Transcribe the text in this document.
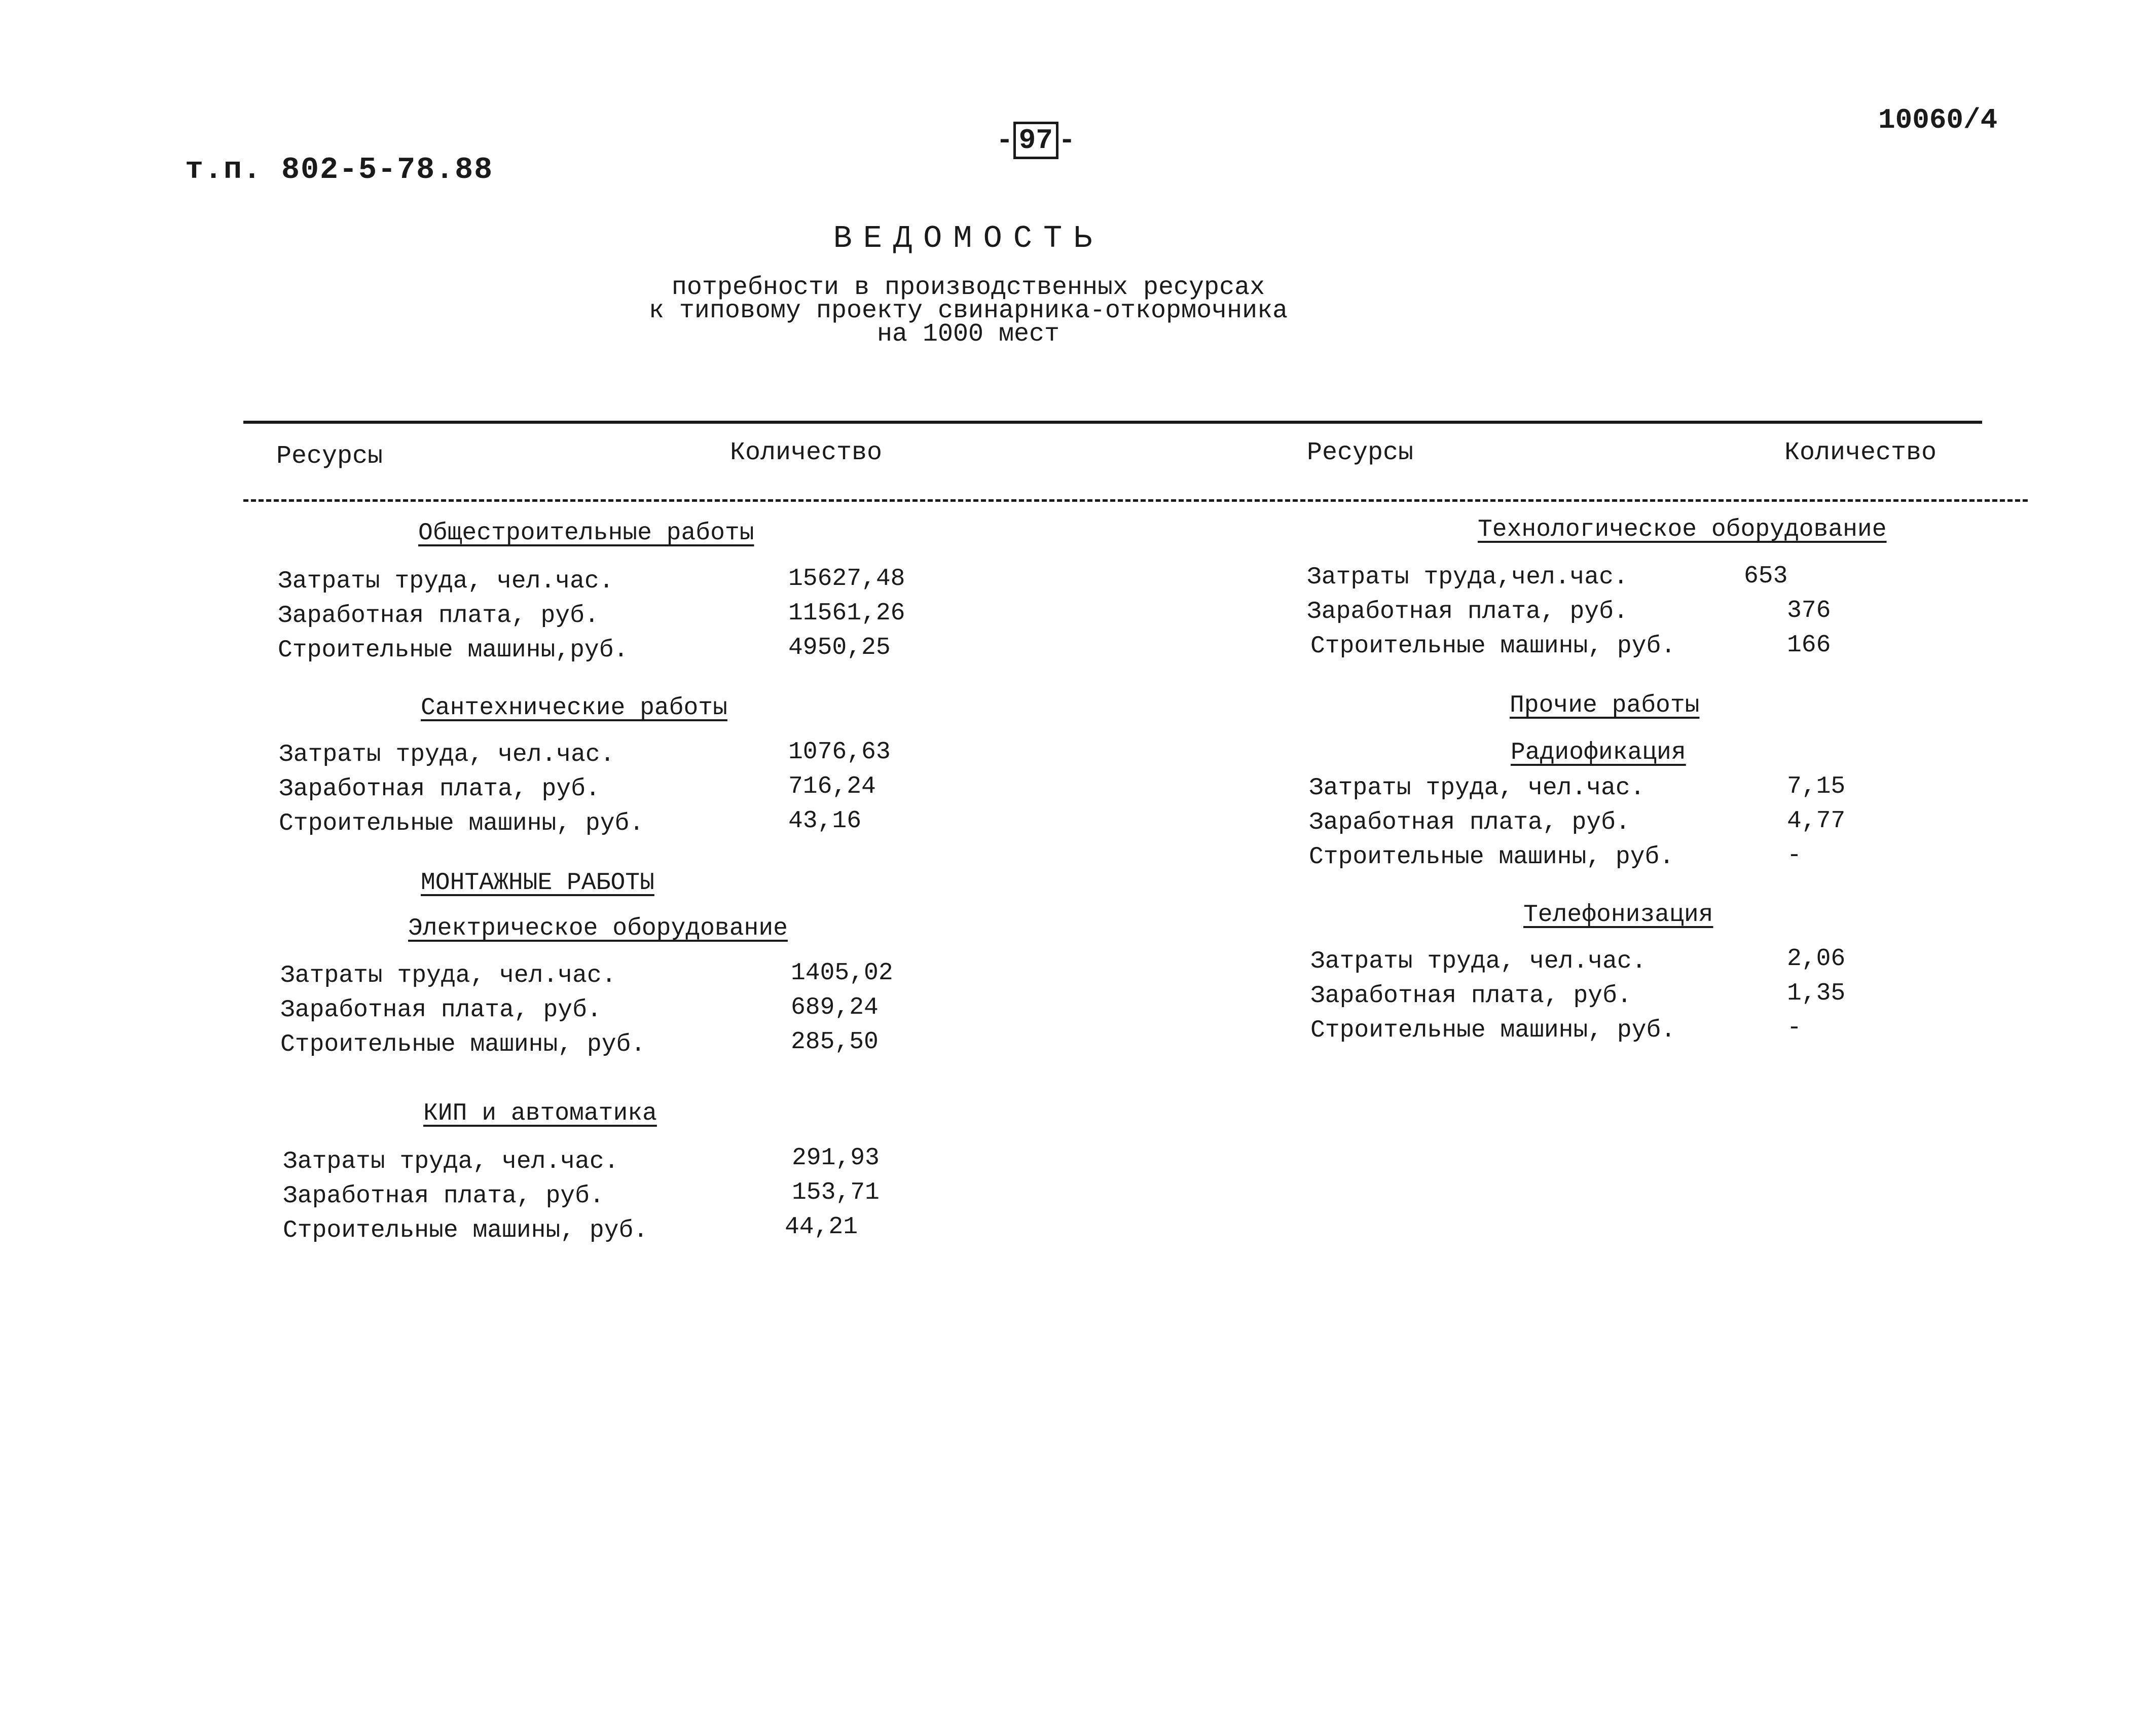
т.п. 802-5-78.88
- 97 -
10060/4
ВЕДОМОСТЬ
потребности в производственных ресурсах
к типовому проекту свинарника-откормочника
на 1000 мест
Ресурсы	Количество	Ресурсы	Количество
Общестроительные работы
Затраты труда, чел.час.	15627,48
Заработная плата, руб.	11561,26
Строительные машины,руб.	4950,25
Сантехнические работы
Затраты труда, чел.час.	1076,63
Заработная плата, руб.	716,24
Строительные машины, руб.	43,16
МОНТАЖНЫЕ РАБОТЫ
Электрическое оборудование
Затраты труда, чел.час.	1405,02
Заработная плата, руб.	689,24
Строительные машины, руб.	285,50
КИП и автоматика
Затраты труда, чел.час.	291,93
Заработная плата, руб.	153,71
Строительные машины, руб.	44,21
Технологическое оборудование
Затраты труда,чел.час.	653
Заработная плата, руб.	376
Строительные машины, руб.	166
Прочие работы
Радиофикация
Затраты труда, чел.час.	7,15
Заработная плата, руб.	4,77
Строительные машины, руб.	-
Телефонизация
Затраты труда, чел.час.	2,06
Заработная плата, руб.	1,35
Строительные машины, руб.	-
